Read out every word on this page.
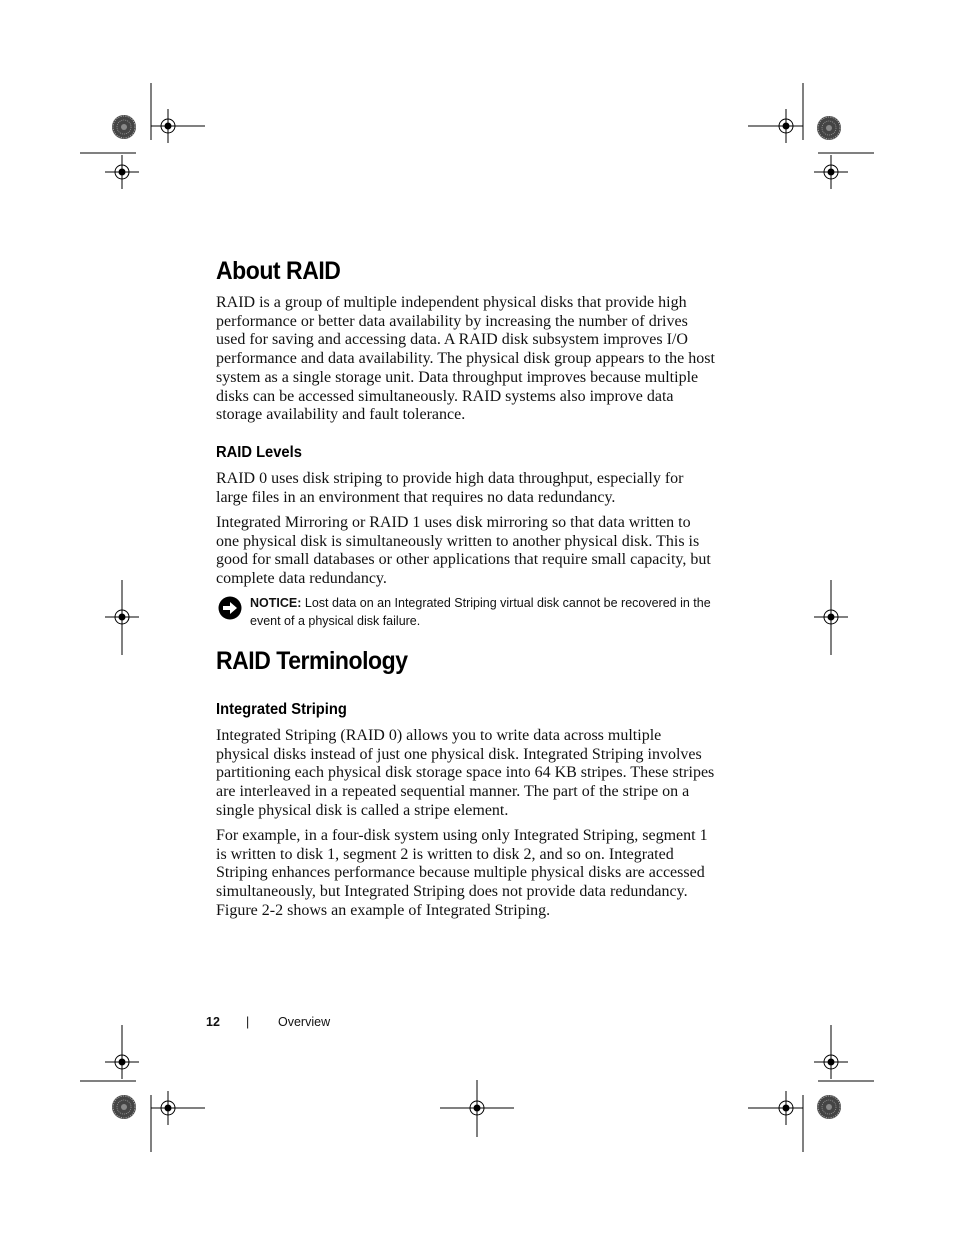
About RAID

RAID is a group of multiple independent physical disks that provide high performance or better data availability by increasing the number of drives used for saving and accessing data. A RAID disk subsystem improves I/O performance and data availability. The physical disk group appears to the host system as a single storage unit. Data throughput improves because multiple disks can be accessed simultaneously. RAID systems also improve data storage availability and fault tolerance.

RAID Levels

RAID 0 uses disk striping to provide high data throughput, especially for large files in an environment that requires no data redundancy.

Integrated Mirroring or RAID 1 uses disk mirroring so that data written to one physical disk is simultaneously written to another physical disk. This is good for small databases or other applications that require small capacity, but complete data redundancy.

NOTICE: Lost data on an Integrated Striping virtual disk cannot be recovered in the event of a physical disk failure.
RAID Terminology
Integrated Striping

Integrated Striping (RAID 0) allows you to write data across multiple physical disks instead of just one physical disk. Integrated Striping involves partitioning each physical disk storage space into 64 KB stripes. These stripes are interleaved in a repeated sequential manner. The part of the stripe on a single physical disk is called a stripe element.

For example, in a four-disk system using only Integrated Striping, segment 1 is written to disk 1, segment 2 is written to disk 2, and so on. Integrated Striping enhances performance because multiple physical disks are accessed simultaneously, but Integrated Striping does not provide data redundancy. Figure 2-2 shows an example of Integrated Striping.

12 | Overview
